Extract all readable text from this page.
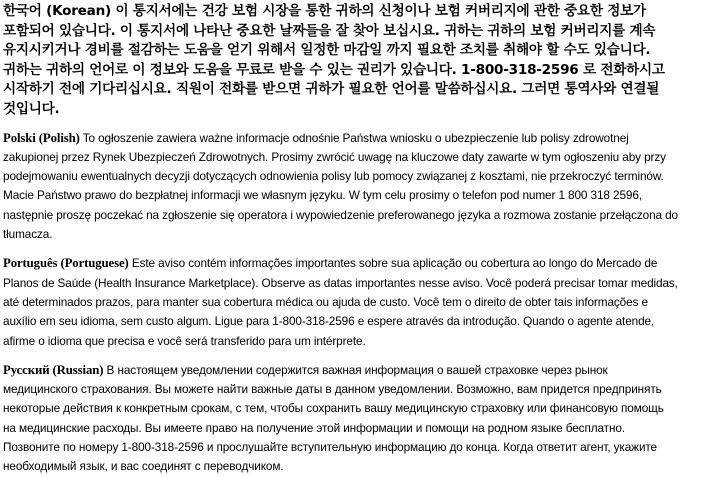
한국어 (Korean) 이 통지서에는 건강 보험 시장을 통한 귀하의 신청이나 보험 커버리지에 관한 중요한 정보가
포함되어 있습니다. 이 통지서에 나타난 중요한 날짜들을 잘 찾아 보십시요. 귀하는 귀하의 보험 커버리지를 계속
유지시키거나 경비를 절감하는 도움을 얻기 위해서 일정한 마감일 까지 필요한 조치를 취해야 할 수도 있습니다.
귀하는 귀하의 언어로 이 정보와 도움을 무료로 받을 수 있는 권리가 있습니다. 1-800-318-2596 로 전화하시고
시작하기 전에 기다리십시요. 직원이 전화를 받으면 귀하가 필요한 언어를 말씀하십시요. 그러면 통역사와 연결될
것입니다.
Polski (Polish) To ogłoszenie zawiera ważne informacje odnośnie Państwa wniosku o ubezpieczenie lub polisy zdrowotnej
zakupionej przez Rynek Ubezpieczeń Zdrowotnych. Prosimy zwrócić uwagę na kluczowe daty zawarte w tym ogłoszeniu aby przy
podejmowaniu ewentualnych decyzji dotyczących odnowienia polisy lub pomocy związanej z kosztami, nie przekroczyć terminów.
Macie Państwo prawo do bezpłatnej informacji we własnym języku. W tym celu prosimy o telefon pod numer 1 800 318 2596,
następnie proszę poczekać na zgłoszenie się operatora i wypowiedzenie preferowanego języka a rozmowa zostanie przełączona do
tłumacza.
Português (Portuguese) Este aviso contém informações importantes sobre sua aplicação ou cobertura ao longo do Mercado de
Planos de Saúde (Health Insurance Marketplace). Observe as datas importantes nesse aviso. Você poderá precisar tomar medidas,
até determinados prazos, para manter sua cobertura médica ou ajuda de custo. Você tem o direito de obter tais informações e
auxílio em seu idioma, sem custo algum. Ligue para 1-800-318-2596 e espere através da introdução. Quando o agente atende,
afirme o idioma que precisa e você será transferido para um intérprete.
Русский (Russian) В настоящем уведомлении содержится важная информация о вашей страховке через рынок
медицинского страхования. Вы можете найти важные даты в данном уведомлении. Возможно, вам придется предпринять
некоторые действия к конкретным срокам, с тем, чтобы сохранить вашу медицинскую страховку или финансовую помощь
на медицинские расходы. Вы имеете право на получение этой информации и помощи на родном языке бесплатно.
Позвоните по номеру 1-800-318-2596 и прослушайте вступительную информацию до конца. Когда ответит агент, укажите
необходимый язык, и вас соединят с переводчиком.
